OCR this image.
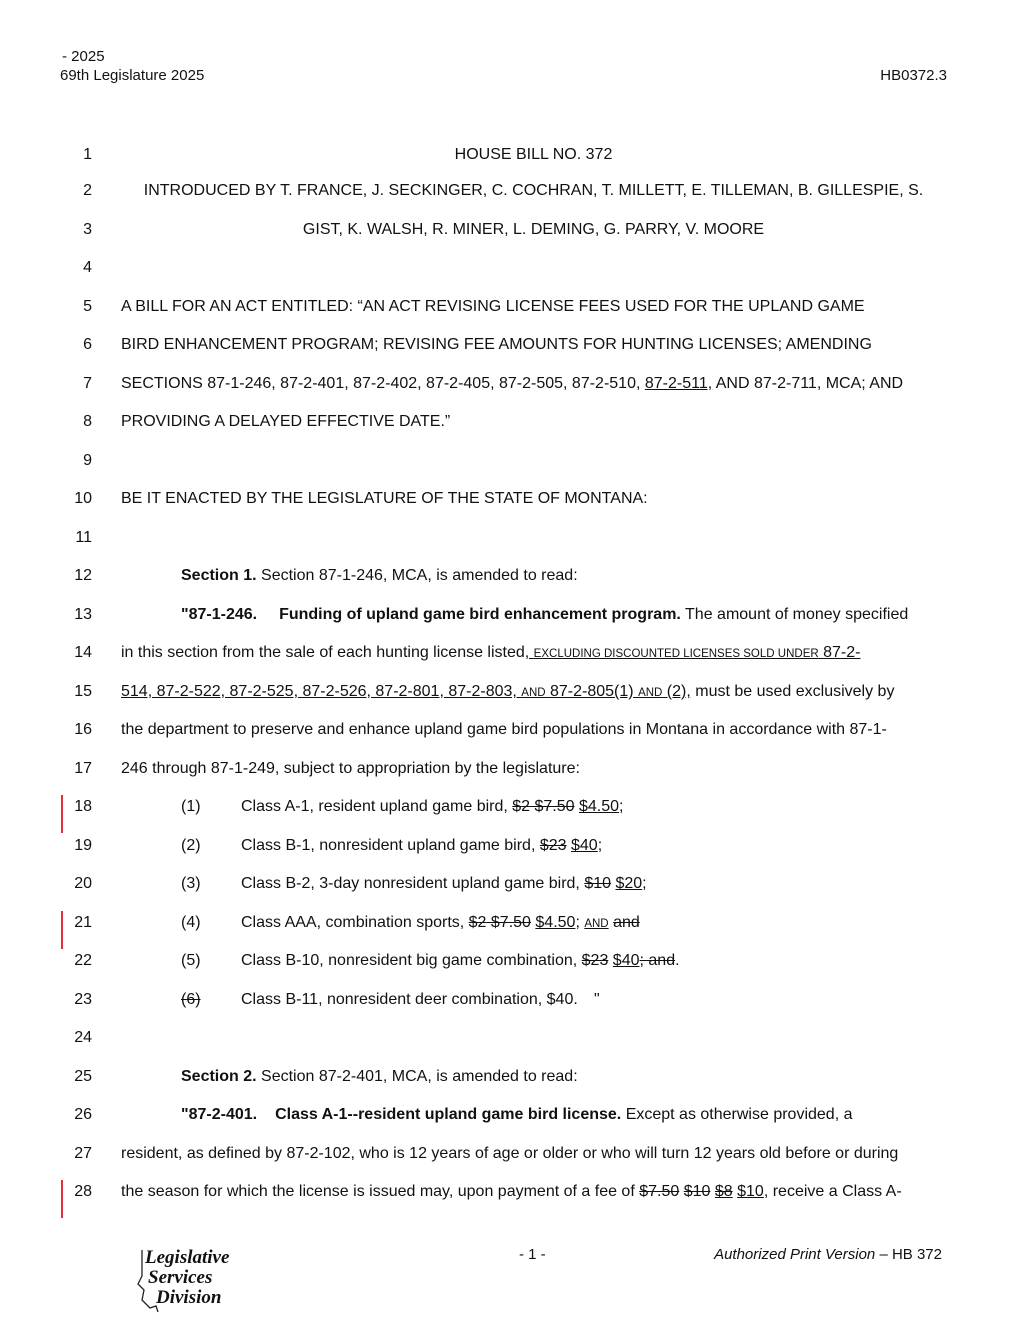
- 2025
69th Legislature 2025	HB0372.3
1	HOUSE BILL NO. 372
2	INTRODUCED BY T. FRANCE, J. SECKINGER, C. COCHRAN, T. MILLETT, E. TILLEMAN, B. GILLESPIE, S.
3	GIST, K. WALSH, R. MINER, L. DEMING, G. PARRY, V. MOORE
4
5 A BILL FOR AN ACT ENTITLED: “AN ACT REVISING LICENSE FEES USED FOR THE UPLAND GAME
6 BIRD ENHANCEMENT PROGRAM; REVISING FEE AMOUNTS FOR HUNTING LICENSES; AMENDING
7 SECTIONS 87-1-246, 87-2-401, 87-2-402, 87-2-405, 87-2-505, 87-2-510, 87-2-511, AND 87-2-711, MCA; AND
8 PROVIDING A DELAYED EFFECTIVE DATE.”
9
10 BE IT ENACTED BY THE LEGISLATURE OF THE STATE OF MONTANA:
11
12	Section 1. Section 87-1-246, MCA, is amended to read:
13	"87-1-246. Funding of upland game bird enhancement program. The amount of money specified
14 in this section from the sale of each hunting license listed, EXCLUDING DISCOUNTED LICENSES SOLD UNDER 87-2-
15 514, 87-2-522, 87-2-525, 87-2-526, 87-2-801, 87-2-803, AND 87-2-805(1) AND (2), must be used exclusively by
16 the department to preserve and enhance upland game bird populations in Montana in accordance with 87-1-
17 246 through 87-1-249, subject to appropriation by the legislature:
18	(1)	Class A-1, resident upland game bird, $2 $7.50 $4.50;
19	(2)	Class B-1, nonresident upland game bird, $23 $40;
20	(3)	Class B-2, 3-day nonresident upland game bird, $10 $20;
21	(4)	Class AAA, combination sports, $2 $7.50 $4.50; AND and
22	(5)	Class B-10, nonresident big game combination, $23 $40; and.
23	(6)	Class B-11, nonresident deer combination, $40. "
24
25	Section 2. Section 87-2-401, MCA, is amended to read:
26	"87-2-401. Class A-1--resident upland game bird license. Except as otherwise provided, a
27 resident, as defined by 87-2-102, who is 12 years of age or older or who will turn 12 years old before or during
28 the season for which the license is issued may, upon payment of a fee of $7.50 $10 $8 $10, receive a Class A-
- 1 -	Authorized Print Version – HB 372
Legislative
Services
Division
